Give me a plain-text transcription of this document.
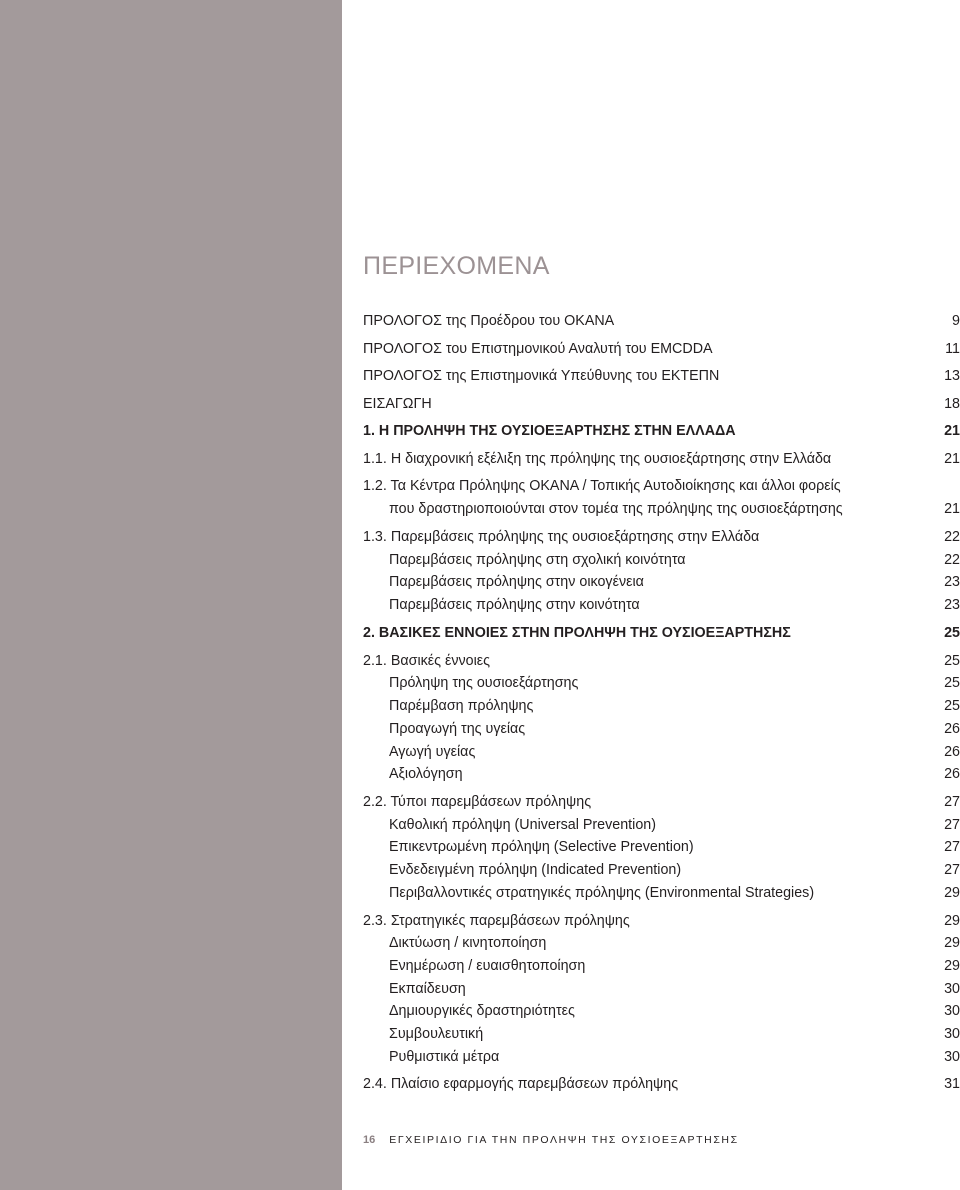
ΠΕΡΙΕΧΟΜΕΝΑ
ΠΡΟΛΟΓΟΣ της Προέδρου του ΟΚΑΝΑ	9
ΠΡΟΛΟΓΟΣ του Επιστημονικού Αναλυτή του EMCDDA	11
ΠΡΟΛΟΓΟΣ της Επιστημονικά Υπεύθυνης του ΕΚΤΕΠΝ	13
ΕΙΣΑΓΩΓΗ	18
1. Η ΠΡΟΛΗΨΗ ΤΗΣ ΟΥΣΙΟΕΞΑΡΤΗΣΗΣ ΣΤΗΝ ΕΛΛΑΔΑ	21
1.1. Η διαχρονική εξέλιξη της πρόληψης της ουσιοεξάρτησης στην Ελλάδα	21
1.2. Τα Κέντρα Πρόληψης ΟΚΑΝΑ / Τοπικής Αυτοδιοίκησης και άλλοι φορείς
που δραστηριοποιούνται στον τομέα της πρόληψης της ουσιοεξάρτησης	21
1.3. Παρεμβάσεις πρόληψης της ουσιοεξάρτησης στην Ελλάδα	22
Παρεμβάσεις πρόληψης στη σχολική κοινότητα	22
Παρεμβάσεις πρόληψης στην οικογένεια	23
Παρεμβάσεις πρόληψης στην κοινότητα	23
2. ΒΑΣΙΚΕΣ ΕΝΝΟΙΕΣ ΣΤΗΝ ΠΡΟΛΗΨΗ ΤΗΣ ΟΥΣΙΟΕΞΑΡΤΗΣΗΣ	25
2.1. Βασικές έννοιες	25
Πρόληψη της ουσιοεξάρτησης	25
Παρέμβαση πρόληψης	25
Προαγωγή της υγείας	26
Αγωγή υγείας	26
Αξιολόγηση	26
2.2. Τύποι παρεμβάσεων πρόληψης	27
Καθολική πρόληψη (Universal Prevention)	27
Επικεντρωμένη πρόληψη (Selective Prevention)	27
Ενδεδειγμένη πρόληψη (Indicated Prevention)	27
Περιβαλλοντικές στρατηγικές πρόληψης (Environmental Strategies)	29
2.3. Στρατηγικές παρεμβάσεων πρόληψης	29
Δικτύωση / κινητοποίηση	29
Ενημέρωση / ευαισθητοποίηση	29
Εκπαίδευση	30
Δημιουργικές δραστηριότητες	30
Συμβουλευτική	30
Ρυθμιστικά μέτρα	30
2.4. Πλαίσιο εφαρμογής παρεμβάσεων πρόληψης	31
16 ΕΓΧΕΙΡΙΔΙΟ ΓΙΑ ΤΗΝ ΠΡΟΛΗΨΗ ΤΗΣ ΟΥΣΙΟΕΞΑΡΤΗΣΗΣ
